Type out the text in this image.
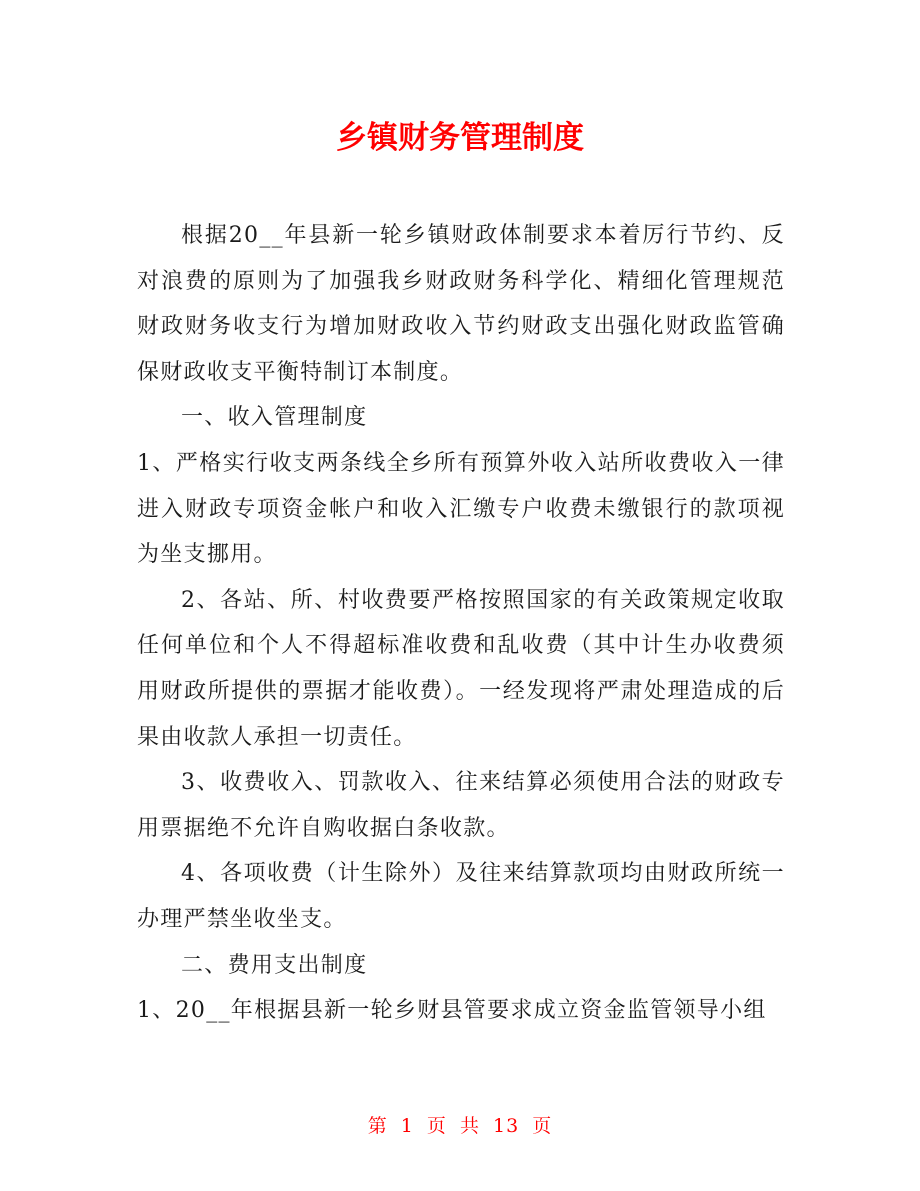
乡镇财务管理制度

根据20__年县新一轮乡镇财政体制要求本着厉行节约、反对浪费的原则为了加强我乡财政财务科学化、精细化管理规范财政财务收支行为增加财政收入节约财政支出强化财政监管确保财政收支平衡特制订本制度。

一、收入管理制度

1、严格实行收支两条线全乡所有预算外收入站所收费收入一律进入财政专项资金帐户和收入汇缴专户收费未缴银行的款项视为坐支挪用。

2、各站、所、村收费要严格按照国家的有关政策规定收取任何单位和个人不得超标准收费和乱收费（其中计生办收费须用财政所提供的票据才能收费）。一经发现将严肃处理造成的后果由收款人承担一切责任。

3、收费收入、罚款收入、往来结算必须使用合法的财政专用票据绝不允许自购收据白条收款。

4、各项收费（计生除外）及往来结算款项均由财政所统一办理严禁坐收坐支。

二、费用支出制度

1、20__年根据县新一轮乡财县管要求成立资金监管领导小组

第 1 页 共 13 页
